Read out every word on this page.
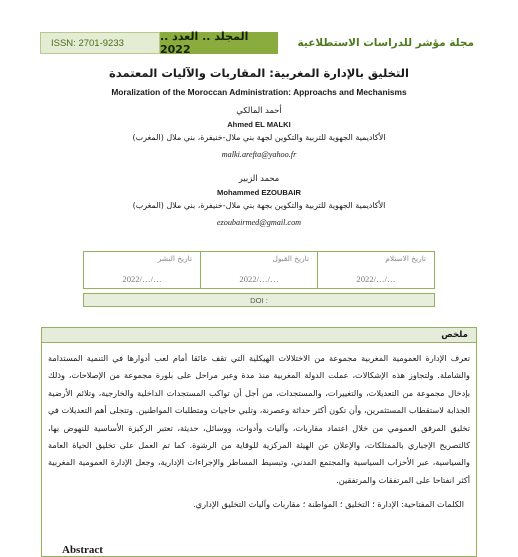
ISSN: 2701-9233	المجلد .. العدد .. 2022	مجلة مؤشر للدراسات الاستطلاعية
التخليق بالإدارة المغربية: المقاربات والآليات المعتمدة
Moralization of the Moroccan Administration: Approachs and Mechanisms
أحمد المالكي
Ahmed EL MALKI
الأكاديمية الجهوية للتربية والتكوين لجهة بني ملال-خنيفرة، بني ملال (المغرب)
malki.arefta@yahoo.fr
محمد الزبير
Mohammed EZOUBAIR
الأكاديمية الجهوية للتربية والتكوين بجهة بني ملال-خنيفرة، بني ملال (المغرب)
ezoubairmed@gmail.com
تاريخ الاستلام
2022/…/…
تاريخ القبول
2022/…/…
تاريخ النشر
2022/…/…
DOI :
ملخص

تعرف الإدارة العمومية المغربية مجموعة من الاختلالات الهيكلية التي تقف عائقا أمام لعب أدوارها في التنمية المستدامة والشاملة. ولتجاوز هذه الإشكالات، عملت الدولة المغربية منذ مدة وعبر مراحل على بلورة مجموعة من الإصلاحات، وذلك بإدخال مجموعة من التعديلات، والتغييرات، والمستجدات، من أجل أن تواكب المستجدات الداخلية والخارجية، وتلائم الأرضية الجذابة لاستقطاب المستثمرين، وأن تكون أكثر حداثة وعصرنة، وتلبي حاجيات ومتطلبات المواطنين. وتتجلى أهم التعديلات في تخليق المرفق العمومي من خلال اعتماد مقاربات، وآليات وأدوات، ووسائل، حديثة، تعتبر الركيزة الأساسية للنهوض بها، كالتصريح الإجباري بالممتلكات، والإعلان عن الهيئة المركزية للوقاية من الرشوة. كما تم العمل على تخليق الحياة العامة والسياسية، عبر الأحزاب السياسية والمجتمع المدني، وتبسيط المساطر والإجراءات الإدارية، وجعل الإدارة العمومية المغربية أكثر انفتاحا على المرتفقات والمرتفقين.

الكلمات المفتاحية: الإدارة ؛ التخليق ؛ المواطنة ؛ مقاربات وآليات التخليق الإداري.
Abstract
